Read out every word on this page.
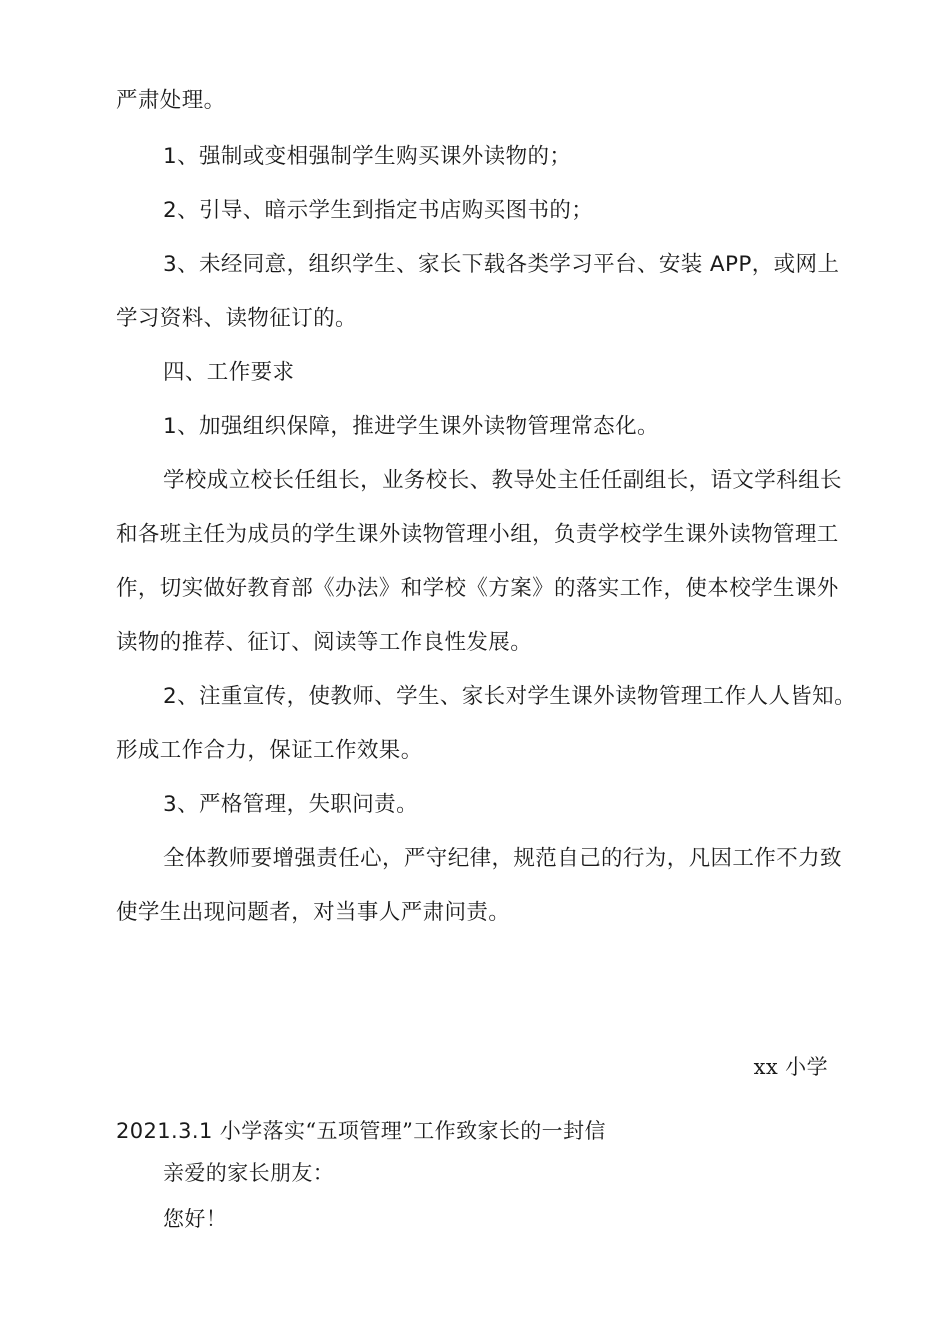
严肃处理。
1、强制或变相强制学生购买课外读物的；
2、引导、暗示学生到指定书店购买图书的；
3、未经同意，组织学生、家长下载各类学习平台、安装 APP，或网上
学习资料、读物征订的。
四、工作要求
1、加强组织保障，推进学生课外读物管理常态化。
学校成立校长任组长，业务校长、教导处主任任副组长，语文学科组长
和各班主任为成员的学生课外读物管理小组，负责学校学生课外读物管理工
作，切实做好教育部《办法》和学校《方案》的落实工作，使本校学生课外
读物的推荐、征订、阅读等工作良性发展。
2、注重宣传，使教师、学生、家长对学生课外读物管理工作人人皆知。
形成工作合力，保证工作效果。
3、严格管理，失职问责。
全体教师要增强责任心，严守纪律，规范自己的行为，凡因工作不力致
使学生出现问题者，对当事人严肃问责。
xx 小学
2021.3.1 小学落实“五项管理”工作致家长的一封信
亲爱的家长朋友：
您好！
